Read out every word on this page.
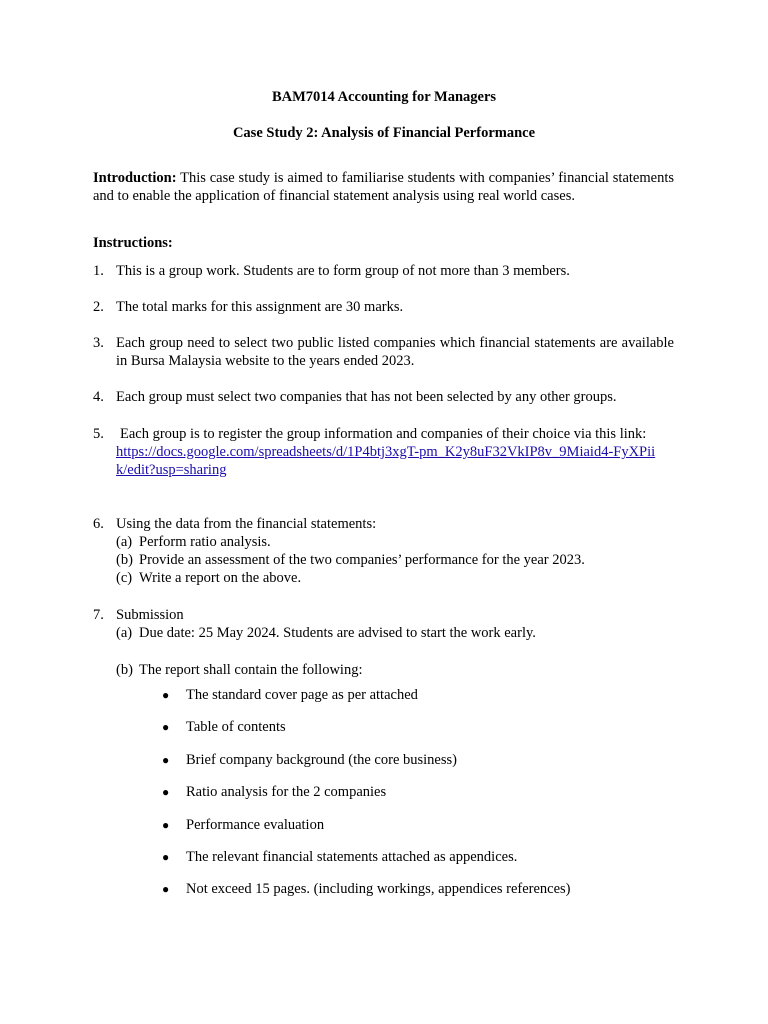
BAM7014 Accounting for Managers
Case Study 2: Analysis of Financial Performance
Introduction: This case study is aimed to familiarise students with companies’ financial statements and to enable the application of financial statement analysis using real world cases.
Instructions:
1. This is a group work. Students are to form group of not more than 3 members.
2. The total marks for this assignment are 30 marks.
3. Each group need to select two public listed companies which financial statements are available in Bursa Malaysia website to the years ended 2023.
4. Each group must select two companies that has not been selected by any other groups.
5. Each group is to register the group information and companies of their choice via this link:
https://docs.google.com/spreadsheets/d/1P4btj3xgT-pm_K2y8uF32VkIP8v_9Miaid4-FyXPiik/edit?usp=sharing
6. Using the data from the financial statements:
(a) Perform ratio analysis.
(b) Provide an assessment of the two companies’ performance for the year 2023.
(c) Write a report on the above.
7. Submission
(a) Due date: 25 May 2024. Students are advised to start the work early.
(b) The report shall contain the following:
● The standard cover page as per attached
● Table of contents
● Brief company background (the core business)
● Ratio analysis for the 2 companies
● Performance evaluation
● The relevant financial statements attached as appendices.
● Not exceed 15 pages. (including workings, appendices references)
